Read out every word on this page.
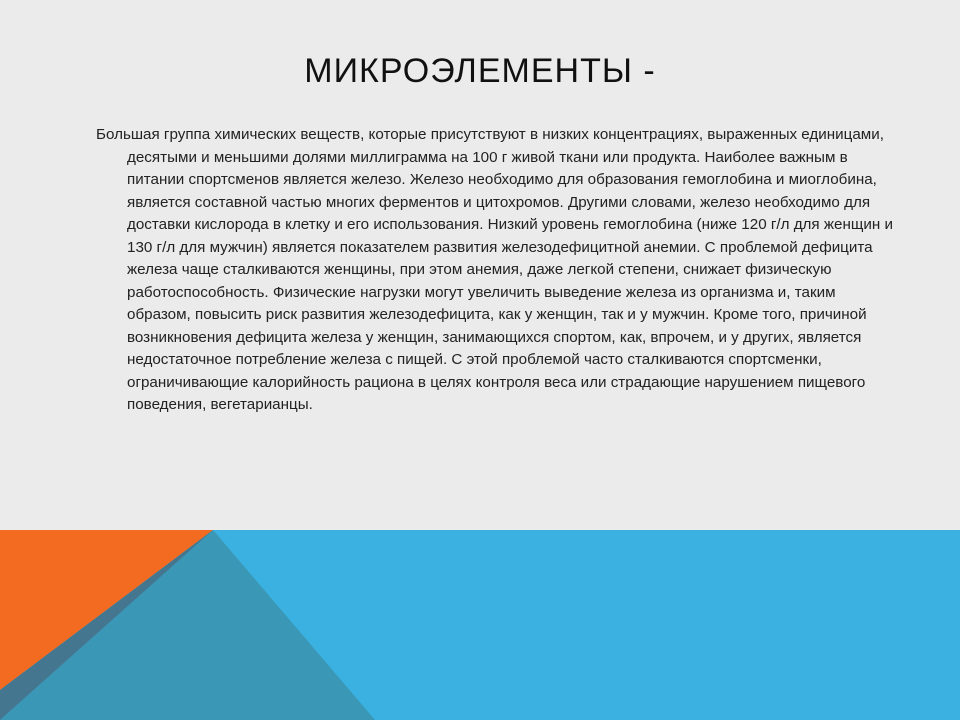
МИКРОЭЛЕМЕНТЫ -

Большая группа химических веществ, которые присутствуют в низких концентрациях, выраженных единицами, десятыми и меньшими долями миллиграмма на 100 г живой ткани или продукта. Наиболее важным в питании спортсменов является железо. Железо необходимо для образования гемоглобина и миоглобина, является составной частью многих ферментов и цитохромов. Другими словами, железо необходимо для доставки кислорода в клетку и его использования. Низкий уровень гемоглобина (ниже 120 г/л для женщин и 130 г/л для мужчин) является показателем развития железодефицитной анемии. С проблемой дефицита железа чаще сталкиваются женщины, при этом анемия, даже легкой степени, снижает физическую работоспособность. Физические нагрузки могут увеличить выведение железа из организма и, таким образом, повысить риск развития железодефицита, как у женщин, так и у мужчин. Кроме того, причиной возникновения дефицита железа у женщин, занимающихся спортом, как, впрочем, и у других, является недостаточное потребление железа с пищей. С этой проблемой часто сталкиваются спортсменки, ограничивающие калорийность рациона в целях контроля веса или страдающие нарушением пищевого поведения, вегетарианцы.
